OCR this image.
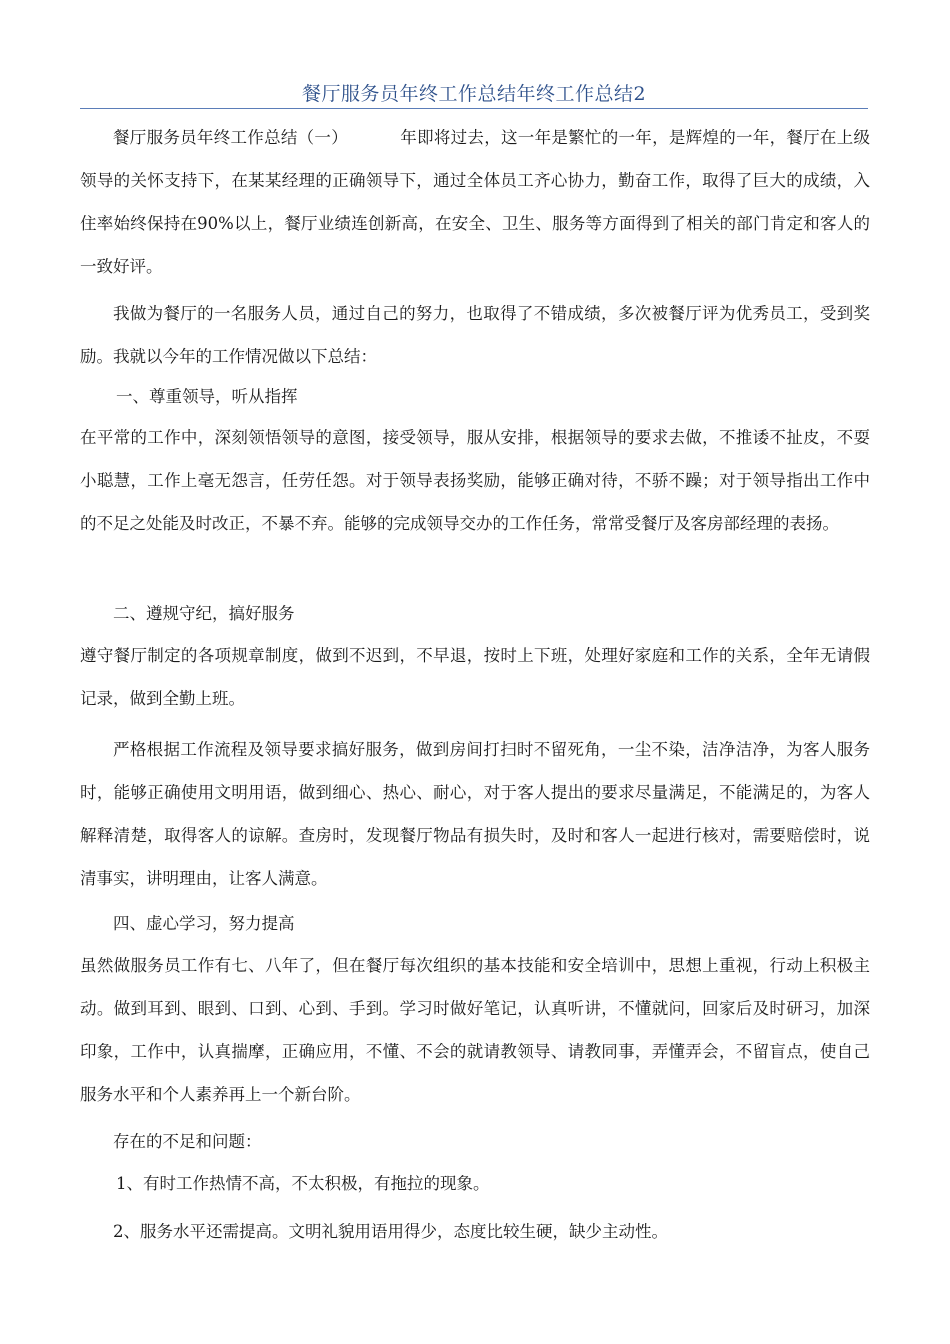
餐厅服务员年终工作总结年终工作总结2

餐厅服务员年终工作总结（一）	年即将过去，这一年是繁忙的一年，是辉煌的一年，餐厅在上级领导的关怀支持下，在某某经理的正确领导下，通过全体员工齐心协力，勤奋工作，取得了巨大的成绩，入住率始终保持在90%以上，餐厅业绩连创新高，在安全、卫生、服务等方面得到了相关的部门肯定和客人的一致好评。

我做为餐厅的一名服务人员，通过自己的努力，也取得了不错成绩，多次被餐厅评为优秀员工，受到奖励。我就以今年的工作情况做以下总结：

一、尊重领导，听从指挥

在平常的工作中，深刻领悟领导的意图，接受领导，服从安排，根据领导的要求去做，不推诿不扯皮，不耍小聪慧，工作上毫无怨言，任劳任怨。对于领导表扬奖励，能够正确对待，不骄不躁；对于领导指出工作中的不足之处能及时改正，不暴不弃。能够的完成领导交办的工作任务，常常受餐厅及客房部经理的表扬。

二、遵规守纪，搞好服务

遵守餐厅制定的各项规章制度，做到不迟到，不早退，按时上下班，处理好家庭和工作的关系，全年无请假记录，做到全勤上班。

严格根据工作流程及领导要求搞好服务，做到房间打扫时不留死角，一尘不染，洁净洁净，为客人服务时，能够正确使用文明用语，做到细心、热心、耐心，对于客人提出的要求尽量满足，不能满足的，为客人解释清楚，取得客人的谅解。查房时，发现餐厅物品有损失时，及时和客人一起进行核对，需要赔偿时，说清事实，讲明理由，让客人满意。

四、虚心学习，努力提高

虽然做服务员工作有七、八年了，但在餐厅每次组织的基本技能和安全培训中，思想上重视，行动上积极主动。做到耳到、眼到、口到、心到、手到。学习时做好笔记，认真听讲，不懂就问，回家后及时研习，加深印象，工作中，认真揣摩，正确应用，不懂、不会的就请教领导、请教同事，弄懂弄会，不留盲点，使自己服务水平和个人素养再上一个新台阶。

存在的不足和问题：

1、有时工作热情不高，不太积极，有拖拉的现象。

2、服务水平还需提高。文明礼貌用语用得少，态度比较生硬，缺少主动性。
